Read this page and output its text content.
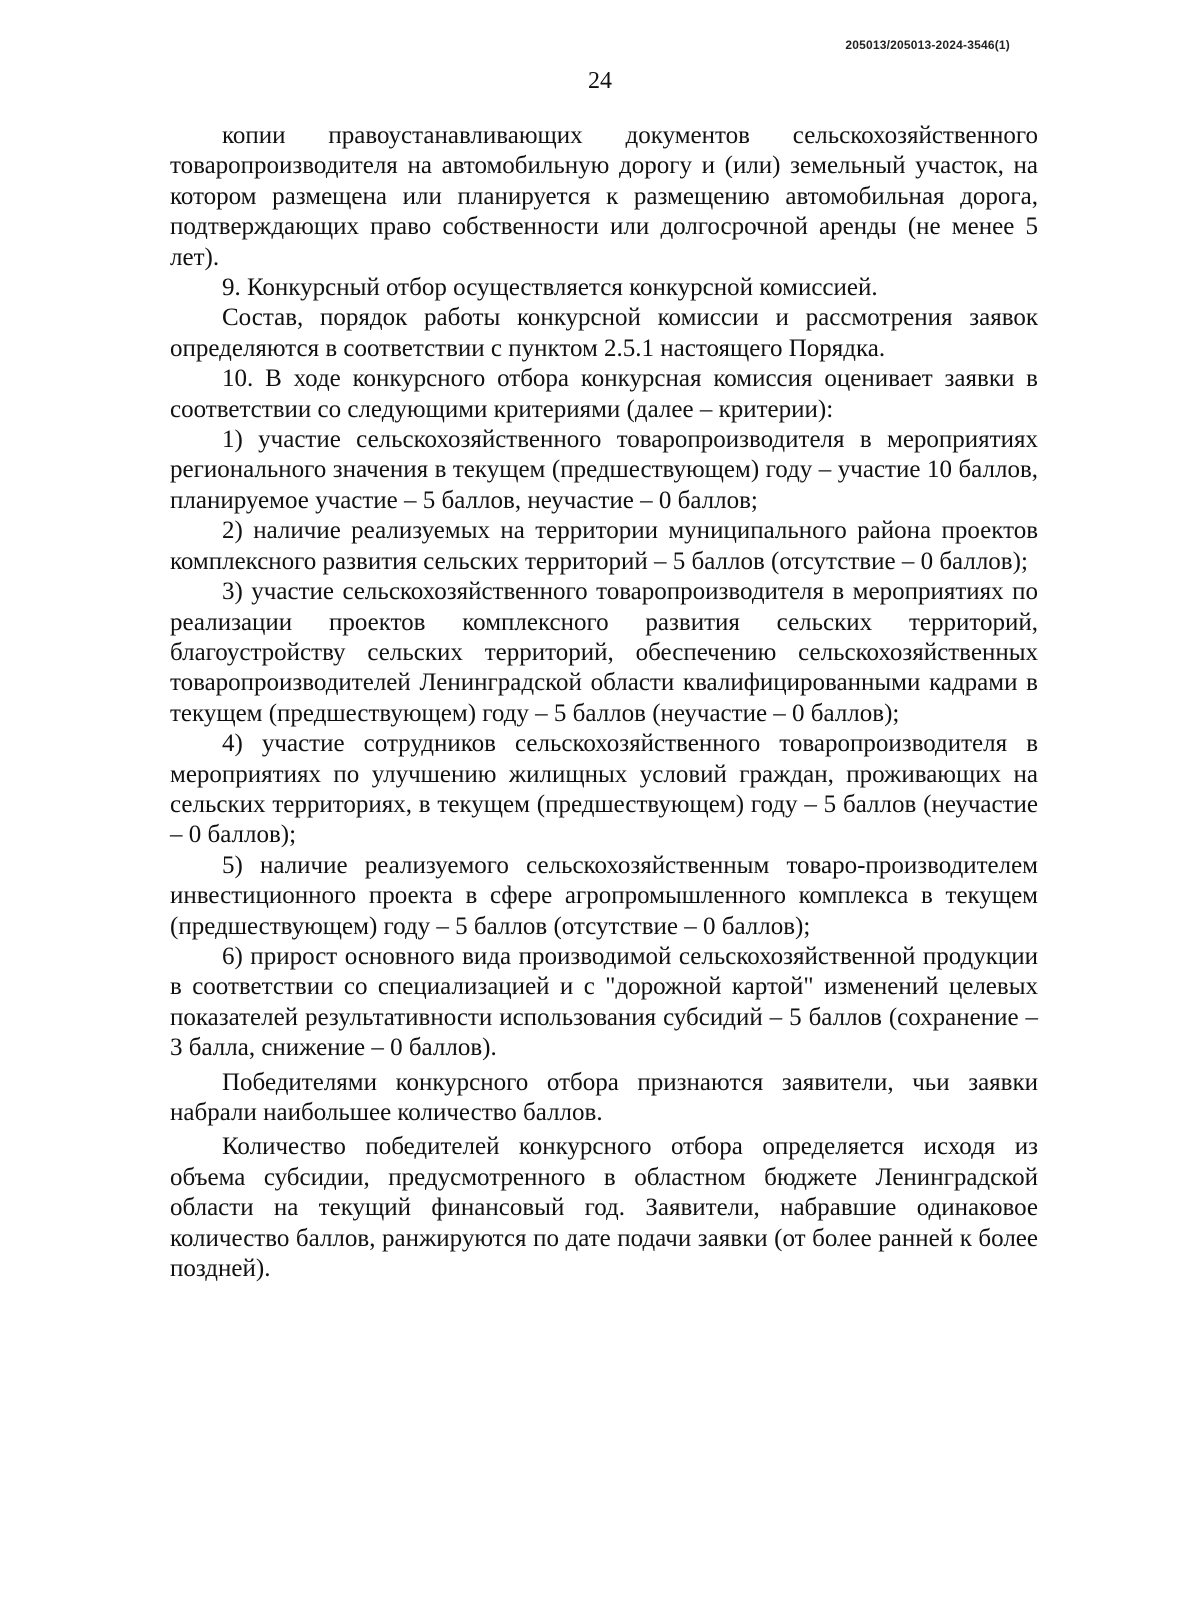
205013/205013-2024-3546(1)
24

копии правоустанавливающих документов сельскохозяйственного товаропроизводителя на автомобильную дорогу и (или) земельный участок, на котором размещена или планируется к размещению автомобильная дорога, подтверждающих право собственности или долгосрочной аренды (не менее 5 лет).

9. Конкурсный отбор осуществляется конкурсной комиссией.

Состав, порядок работы конкурсной комиссии и рассмотрения заявок определяются в соответствии с пунктом 2.5.1 настоящего Порядка.

10. В ходе конкурсного отбора конкурсная комиссия оценивает заявки в соответствии со следующими критериями (далее – критерии):

1) участие сельскохозяйственного товаропроизводителя в мероприятиях регионального значения в текущем (предшествующем) году – участие 10 баллов, планируемое участие – 5 баллов, неучастие – 0 баллов;

2) наличие реализуемых на территории муниципального района проектов комплексного развития сельских территорий – 5 баллов (отсутствие – 0 баллов);

3) участие сельскохозяйственного товаропроизводителя в мероприятиях по реализации проектов комплексного развития сельских территорий, благоустройству сельских территорий, обеспечению сельскохозяйственных товаропроизводителей Ленинградской области квалифицированными кадрами в текущем (предшествующем) году – 5 баллов (неучастие – 0 баллов);

4) участие сотрудников сельскохозяйственного товаропроизводителя в мероприятиях по улучшению жилищных условий граждан, проживающих на сельских территориях, в текущем (предшествующем) году – 5 баллов (неучастие – 0 баллов);

5) наличие реализуемого сельскохозяйственным товаро-производителем инвестиционного проекта в сфере агропромышленного комплекса в текущем (предшествующем) году – 5 баллов (отсутствие – 0 баллов);

6) прирост основного вида производимой сельскохозяйственной продукции в соответствии со специализацией и с "дорожной картой" изменений целевых показателей результативности использования субсидий – 5 баллов (сохранение – 3 балла, снижение – 0 баллов).

Победителями конкурсного отбора признаются заявители, чьи заявки набрали наибольшее количество баллов.

Количество победителей конкурсного отбора определяется исходя из объема субсидии, предусмотренного в областном бюджете Ленинградской области на текущий финансовый год. Заявители, набравшие одинаковое количество баллов, ранжируются по дате подачи заявки (от более ранней к более поздней).
